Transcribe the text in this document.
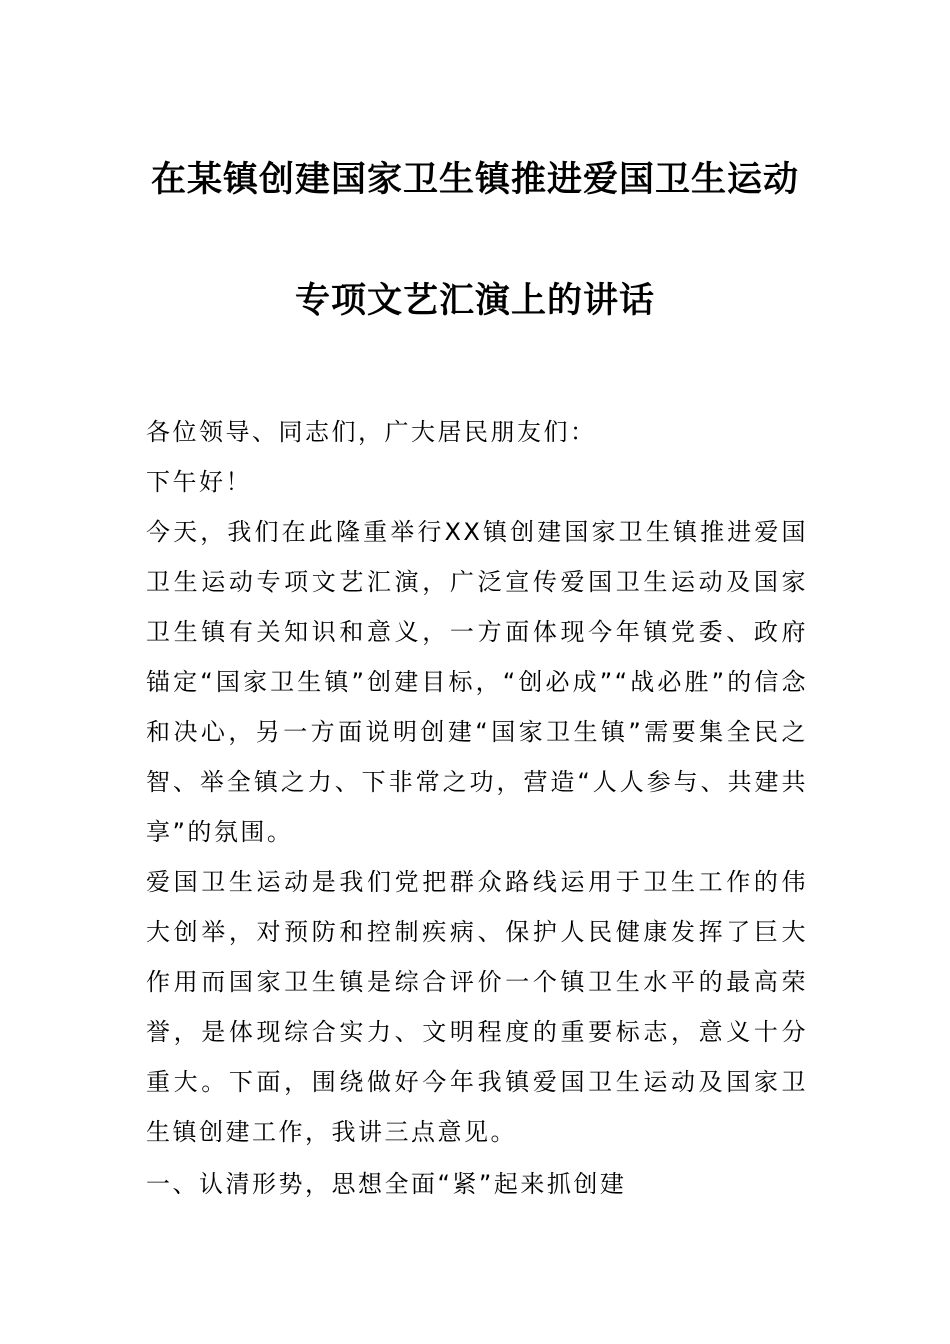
在某镇创建国家卫生镇推进爱国卫生运动
专项文艺汇演上的讲话

各位领导、同志们，广大居民朋友们：

下午好！

今天，我们在此隆重举行XX镇创建国家卫生镇推进爱国卫生运动专项文艺汇演，广泛宣传爱国卫生运动及国家卫生镇有关知识和意义，一方面体现今年镇党委、政府锚定“国家卫生镇”创建目标，“创必成”“战必胜”的信念和决心，另一方面说明创建“国家卫生镇”需要集全民之智、举全镇之力、下非常之功，营造“人人参与、共建共享”的氛围。

爱国卫生运动是我们党把群众路线运用于卫生工作的伟大创举，对预防和控制疾病、保护人民健康发挥了巨大作用而国家卫生镇是综合评价一个镇卫生水平的最高荣誉，是体现综合实力、文明程度的重要标志，意义十分重大。下面，围绕做好今年我镇爱国卫生运动及国家卫生镇创建工作，我讲三点意见。

一、认清形势，思想全面“紧”起来抓创建
